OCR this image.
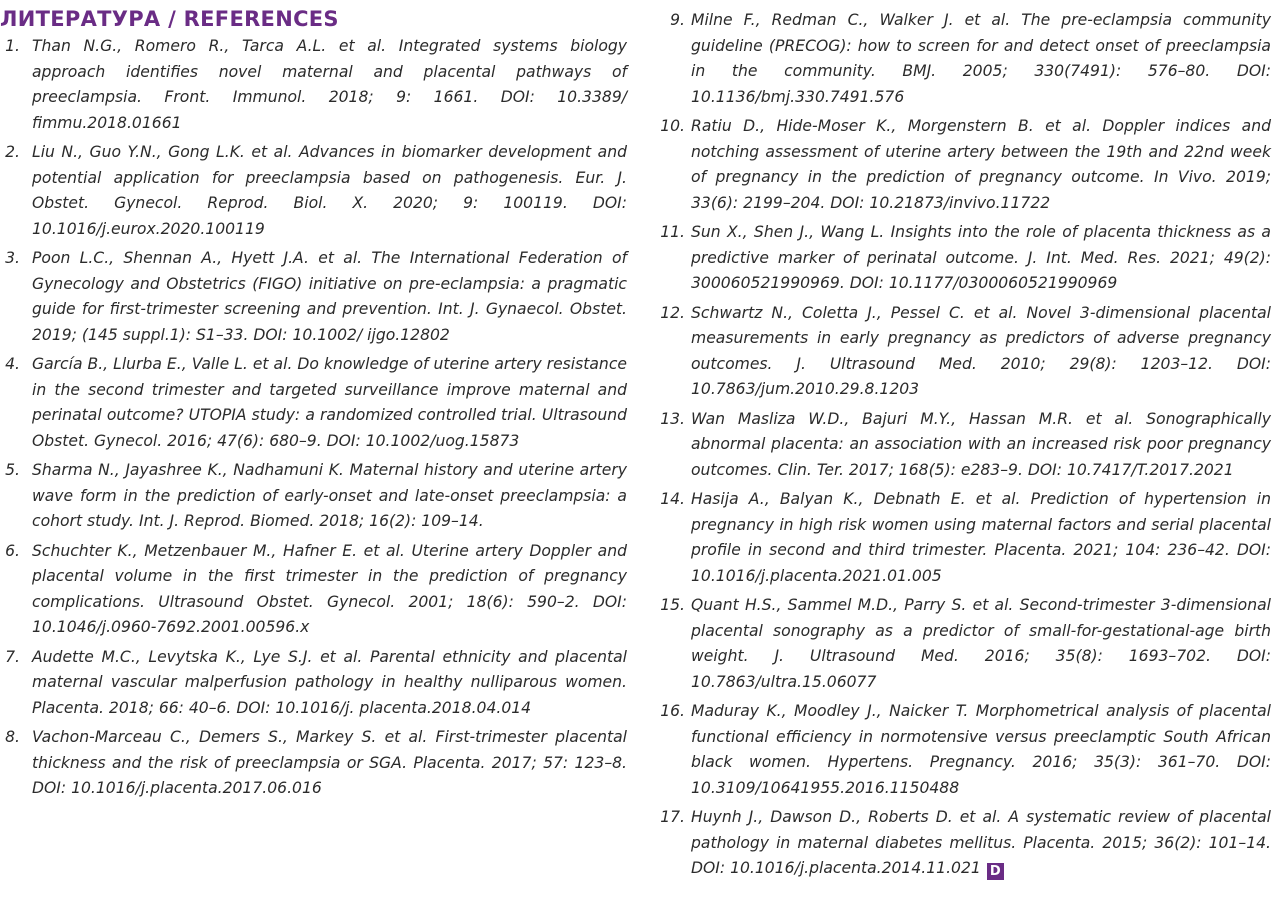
ЛИТЕРАТУРА / REFERENCES
1. Than N.G., Romero R., Tarca A.L. et al. Integrated systems biology approach identifies novel maternal and placental pathways of preeclampsia. Front. Immunol. 2018; 9: 1661. DOI: 10.3389/ fimmu.2018.01661
2. Liu N., Guo Y.N., Gong L.K. et al. Advances in biomarker development and potential application for preeclampsia based on pathogenesis. Eur. J. Obstet. Gynecol. Reprod. Biol. X. 2020; 9: 100119. DOI: 10.1016/j.eurox.2020.100119
3. Poon L.C., Shennan A., Hyett J.A. et al. The International Federation of Gynecology and Obstetrics (FIGO) initiative on pre-eclampsia: a pragmatic guide for first-trimester screening and prevention. Int. J. Gynaecol. Obstet. 2019; (145 suppl.1): S1–33. DOI: 10.1002/ ijgo.12802
4. García B., Llurba E., Valle L. et al. Do knowledge of uterine artery resistance in the second trimester and targeted surveillance improve maternal and perinatal outcome? UTOPIA study: a randomized controlled trial. Ultrasound Obstet. Gynecol. 2016; 47(6): 680–9. DOI: 10.1002/uog.15873
5. Sharma N., Jayashree K., Nadhamuni K. Maternal history and uterine artery wave form in the prediction of early-onset and late-onset preeclampsia: a cohort study. Int. J. Reprod. Biomed. 2018; 16(2): 109–14.
6. Schuchter K., Metzenbauer M., Hafner E. et al. Uterine artery Doppler and placental volume in the first trimester in the prediction of pregnancy complications. Ultrasound Obstet. Gynecol. 2001; 18(6): 590–2. DOI: 10.1046/j.0960-7692.2001.00596.x
7. Audette M.C., Levytska K., Lye S.J. et al. Parental ethnicity and placental maternal vascular malperfusion pathology in healthy nulliparous women. Placenta. 2018; 66: 40–6. DOI: 10.1016/j. placenta.2018.04.014
8. Vachon-Marceau C., Demers S., Markey S. et al. First-trimester placental thickness and the risk of preeclampsia or SGA. Placenta. 2017; 57: 123–8. DOI: 10.1016/j.placenta.2017.06.016
9. Milne F., Redman C., Walker J. et al. The pre-eclampsia community guideline (PRECOG): how to screen for and detect onset of preeclampsia in the community. BMJ. 2005; 330(7491): 576–80. DOI: 10.1136/bmj.330.7491.576
10. Ratiu D., Hide-Moser K., Morgenstern B. et al. Doppler indices and notching assessment of uterine artery between the 19th and 22nd week of pregnancy in the prediction of pregnancy outcome. In Vivo. 2019; 33(6): 2199–204. DOI: 10.21873/invivo.11722
11. Sun X., Shen J., Wang L. Insights into the role of placenta thickness as a predictive marker of perinatal outcome. J. Int. Med. Res. 2021; 49(2): 300060521990969. DOI: 10.1177/0300060521990969
12. Schwartz N., Coletta J., Pessel C. et al. Novel 3-dimensional placental measurements in early pregnancy as predictors of adverse pregnancy outcomes. J. Ultrasound Med. 2010; 29(8): 1203–12. DOI: 10.7863/jum.2010.29.8.1203
13. Wan Masliza W.D., Bajuri M.Y., Hassan M.R. et al. Sonographically abnormal placenta: an association with an increased risk poor pregnancy outcomes. Clin. Ter. 2017; 168(5): e283–9. DOI: 10.7417/T.2017.2021
14. Hasija A., Balyan K., Debnath E. et al. Prediction of hypertension in pregnancy in high risk women using maternal factors and serial placental profile in second and third trimester. Placenta. 2021; 104: 236–42. DOI: 10.1016/j.placenta.2021.01.005
15. Quant H.S., Sammel M.D., Parry S. et al. Second-trimester 3-dimensional placental sonography as a predictor of small-for-gestational-age birth weight. J. Ultrasound Med. 2016; 35(8): 1693–702. DOI: 10.7863/ultra.15.06077
16. Maduray K., Moodley J., Naicker T. Morphometrical analysis of placental functional efficiency in normotensive versus preeclamptic South African black women. Hypertens. Pregnancy. 2016; 35(3): 361–70. DOI: 10.3109/10641955.2016.1150488
17. Huynh J., Dawson D., Roberts D. et al. A systematic review of placental pathology in maternal diabetes mellitus. Placenta. 2015; 36(2): 101–14. DOI: 10.1016/j.placenta.2014.11.021 D
